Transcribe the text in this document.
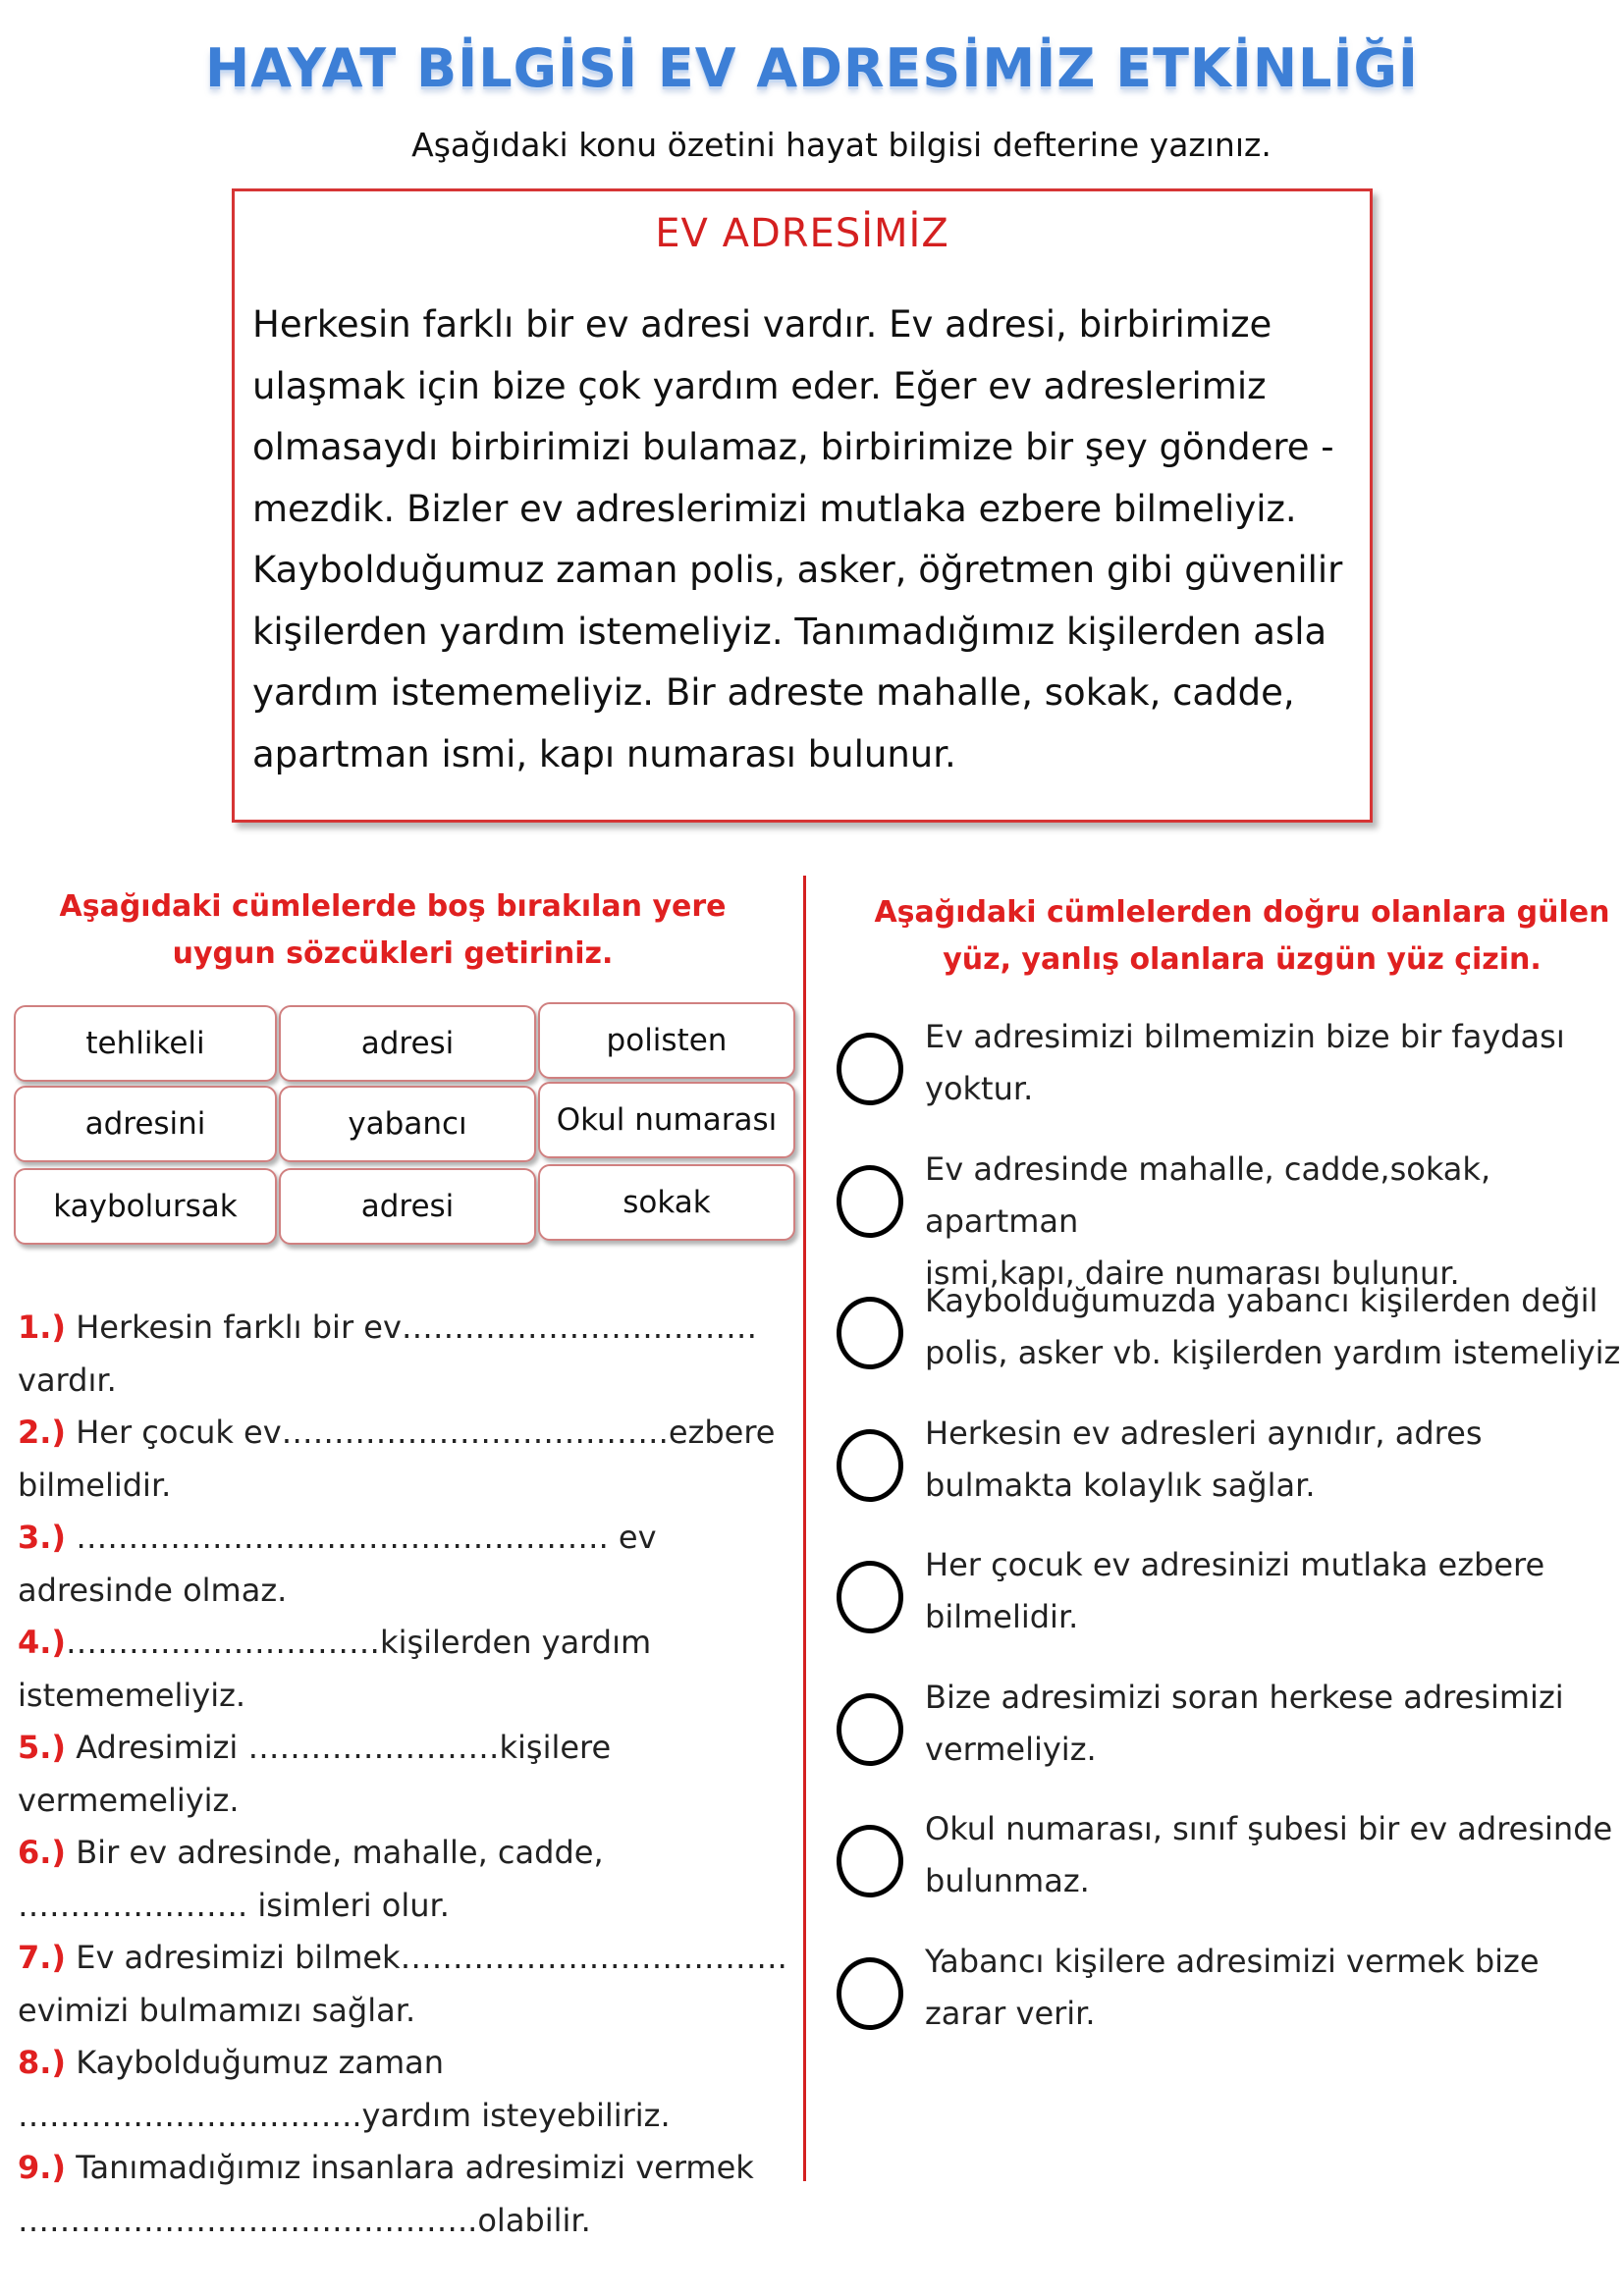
HAYAT BİLGİSİ EV ADRESİMİZ ETKİNLİĞİ
Aşağıdaki konu özetini hayat bilgisi defterine yazınız.
EV ADRESİMİZ
Herkesin farklı bir ev adresi vardır. Ev adresi, birbirimize
ulaşmak için bize çok yardım eder. Eğer ev adreslerimiz
olmasaydı birbirimizi bulamaz, birbirimize bir şey göndere -
mezdik. Bizler ev adreslerimizi mutlaka ezbere bilmeliyiz.
Kaybolduğumuz zaman polis, asker, öğretmen gibi güvenilir
kişilerden yardım istemeliyiz. Tanımadığımız kişilerden asla
yardım istememeliyiz. Bir adreste mahalle, sokak, cadde,
apartman ismi, kapı numarası bulunur.
Aşağıdaki cümlelerde boş bırakılan yere uygun sözcükleri getiriniz.
Aşağıdaki cümlelerden doğru olanlara gülen yüz, yanlış olanlara üzgün yüz çizin.
tehlikeli	adresi	polisten
adresini	yabancı	Okul numarası
kaybolursak	adresi	sokak
1.) Herkesin farklı bir ev…………………….………vardır.
2.) Her çocuk ev……………………………….ezbere bilmelidir.
3.) …………………..………………………. ev adresinde olmaz.
4.)…………………………kişilerden yardım istememeliyiz.
5.) Adresimizi ……………………kişilere vermemeliyiz.
6.) Bir ev adresinde, mahalle, cadde, …………………. isimleri olur.
7.) Ev adresimizi bilmek………………………………. evimizi bulmamızı sağlar.
8.) Kaybolduğumuz zaman ……………………….…..yardım isteyebiliriz.
9.) Tanımadığımız insanlara adresimizi vermek ……………………………………..olabilir.
Ev adresimizi bilmemizin bize bir faydası
yoktur.
Ev adresinde mahalle, cadde,sokak, apartman
ismi,kapı, daire numarası bulunur.
Kaybolduğumuzda yabancı kişilerden değil
polis, asker vb. kişilerden yardım istemeliyiz
Herkesin ev adresleri aynıdır, adres
bulmakta kolaylık sağlar.
Her çocuk ev adresinizi mutlaka ezbere
bilmelidir.
Bize adresimizi soran herkese adresimizi
vermeliyiz.
Okul numarası, sınıf şubesi bir ev adresinde
bulunmaz.
Yabancı kişilere adresimizi vermek bize
zarar verir.
